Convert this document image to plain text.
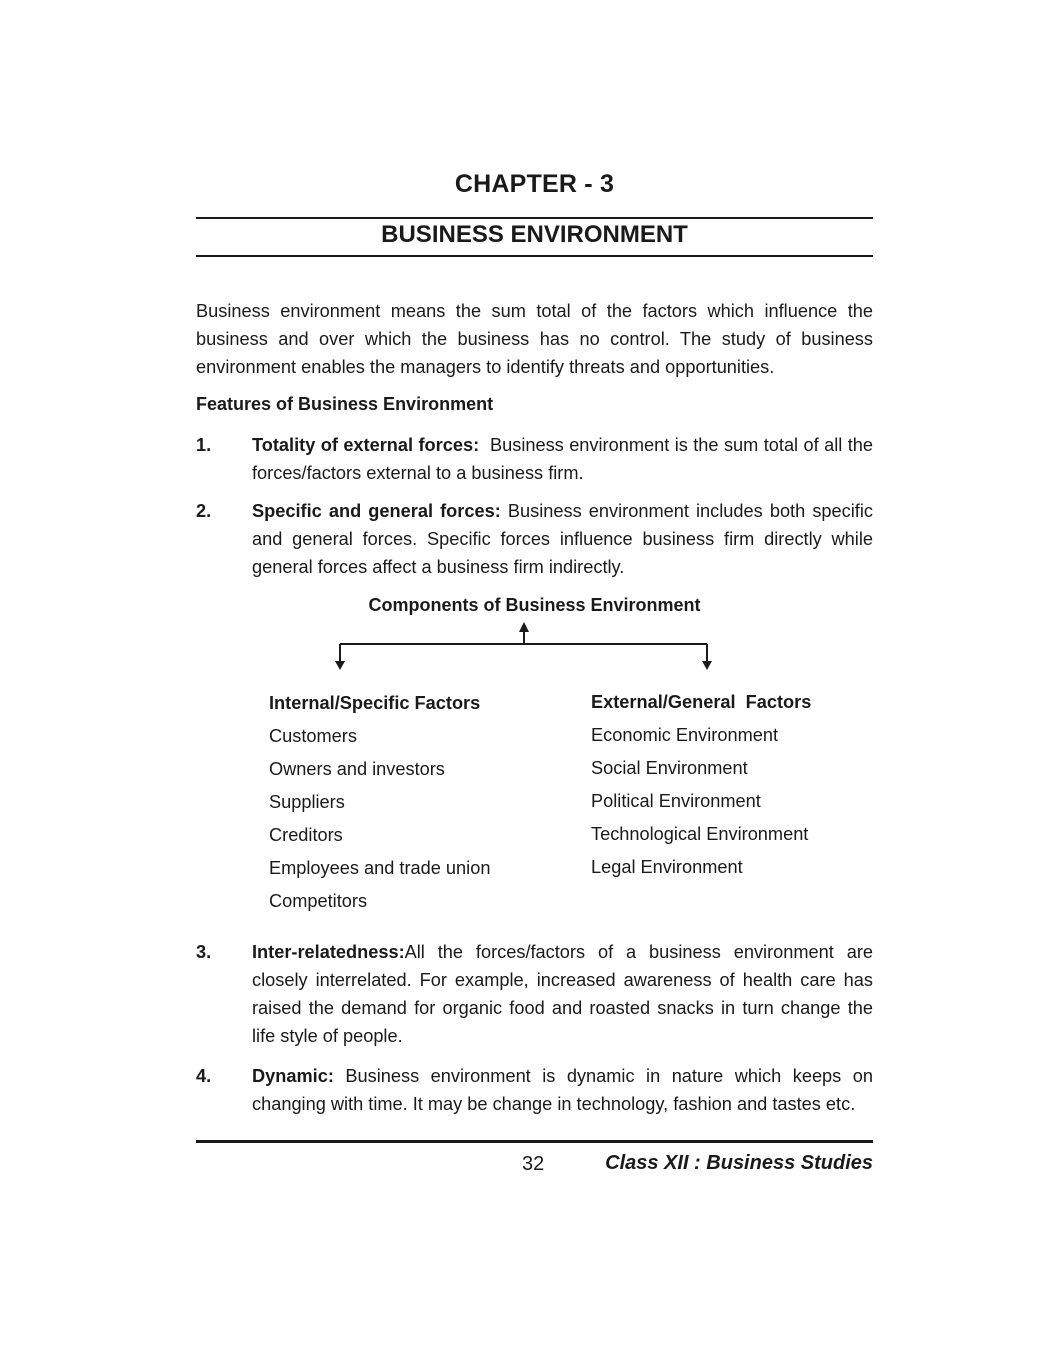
CHAPTER - 3
BUSINESS ENVIRONMENT

Business environment means the sum total of the factors which influence the business and over which the business has no control. The study of business environment enables the managers to identify threats and opportunities.

Features of Business Environment
1. Totality of external forces:  Business environment is the sum total of all the forces/factors external to a business firm.
2. Specific and general forces: Business environment includes both specific and general forces. Specific forces influence business firm directly while general forces affect a business firm indirectly.
Components of Business Environment
Internal/Specific Factors
Customers
Owners and investors
Suppliers
Creditors
Employees and trade union
Competitors
External/General  Factors
Economic Environment
Social Environment
Political Environment
Technological Environment
Legal Environment
3. Inter-relatedness:All the forces/factors of a business environment are closely interrelated. For example, increased awareness of health care has raised the demand for organic food and roasted snacks in turn change the life style of people.
4. Dynamic: Business environment is dynamic in nature which keeps on changing with time. It may be change in technology, fashion and tastes etc.
32	Class XII : Business Studies
